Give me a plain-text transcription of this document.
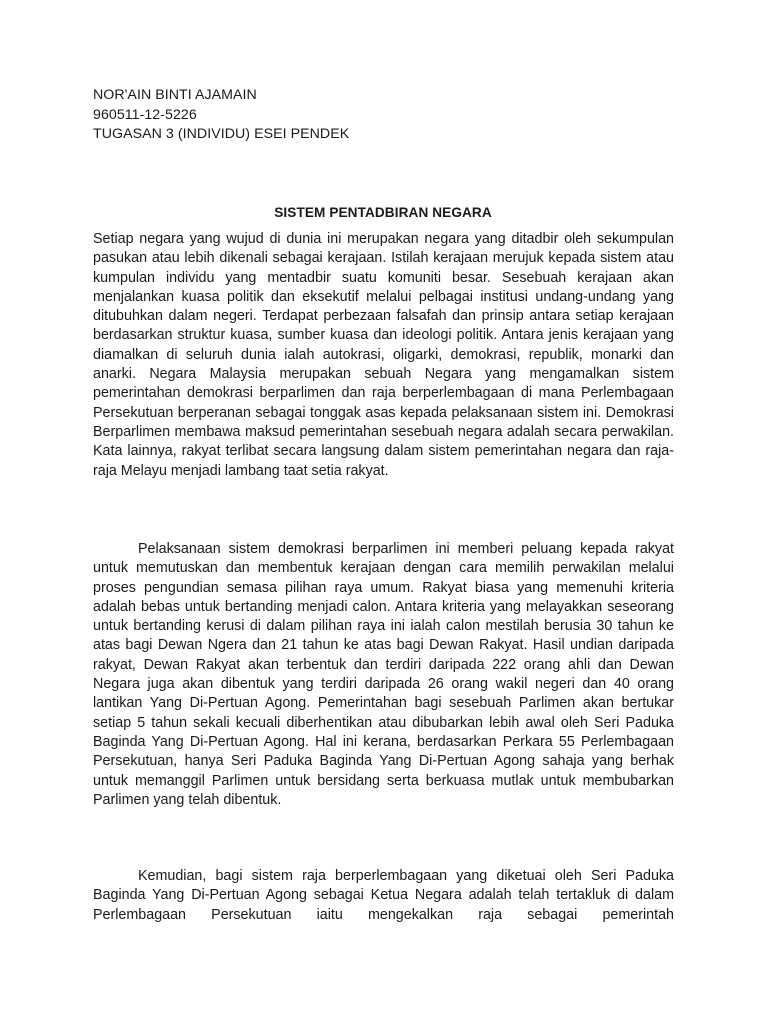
NOR'AIN BINTI AJAMAIN
960511-12-5226
TUGASAN 3 (INDIVIDU) ESEI PENDEK
SISTEM PENTADBIRAN NEGARA

Setiap negara yang wujud di dunia ini merupakan negara yang ditadbir oleh sekumpulan pasukan atau lebih dikenali sebagai kerajaan. Istilah kerajaan merujuk kepada sistem atau kumpulan individu yang mentadbir suatu komuniti besar. Sesebuah kerajaan akan menjalankan kuasa politik dan eksekutif melalui pelbagai institusi undang-undang yang ditubuhkan dalam negeri. Terdapat perbezaan falsafah dan prinsip antara setiap kerajaan berdasarkan struktur kuasa, sumber kuasa dan ideologi politik. Antara jenis kerajaan yang diamalkan di seluruh dunia ialah autokrasi, oligarki, demokrasi, republik, monarki dan anarki. Negara Malaysia merupakan sebuah Negara yang mengamalkan sistem pemerintahan demokrasi berparlimen dan raja berperlembagaan di mana Perlembagaan Persekutuan berperanan sebagai tonggak asas kepada pelaksanaan sistem ini. Demokrasi Berparlimen membawa maksud pemerintahan sesebuah negara adalah secara perwakilan. Kata lainnya, rakyat terlibat secara langsung dalam sistem pemerintahan negara dan raja-raja Melayu menjadi lambang taat setia rakyat.

Pelaksanaan sistem demokrasi berparlimen ini memberi peluang kepada rakyat untuk memutuskan dan membentuk kerajaan dengan cara memilih perwakilan melalui proses pengundian semasa pilihan raya umum. Rakyat biasa yang memenuhi kriteria adalah bebas untuk bertanding menjadi calon. Antara kriteria yang melayakkan seseorang untuk bertanding kerusi di dalam pilihan raya ini ialah calon mestilah berusia 30 tahun ke atas bagi Dewan Ngera dan 21 tahun ke atas bagi Dewan Rakyat. Hasil undian daripada rakyat, Dewan Rakyat akan terbentuk dan terdiri daripada 222 orang ahli dan Dewan Negara juga akan dibentuk yang terdiri daripada 26 orang wakil negeri dan 40 orang lantikan Yang Di-Pertuan Agong. Pemerintahan bagi sesebuah Parlimen akan bertukar setiap 5 tahun sekali kecuali diberhentikan atau dibubarkan lebih awal oleh Seri Paduka Baginda Yang Di-Pertuan Agong. Hal ini kerana, berdasarkan Perkara 55 Perlembagaan Persekutuan, hanya Seri Paduka Baginda Yang Di-Pertuan Agong sahaja yang berhak untuk memanggil Parlimen untuk bersidang serta berkuasa mutlak untuk membubarkan Parlimen yang telah dibentuk.

Kemudian, bagi sistem raja berperlembagaan yang diketuai oleh Seri Paduka Baginda Yang Di-Pertuan Agong sebagai Ketua Negara adalah telah tertakluk di dalam Perlembagaan Persekutuan iaitu mengekalkan raja sebagai pemerintah
